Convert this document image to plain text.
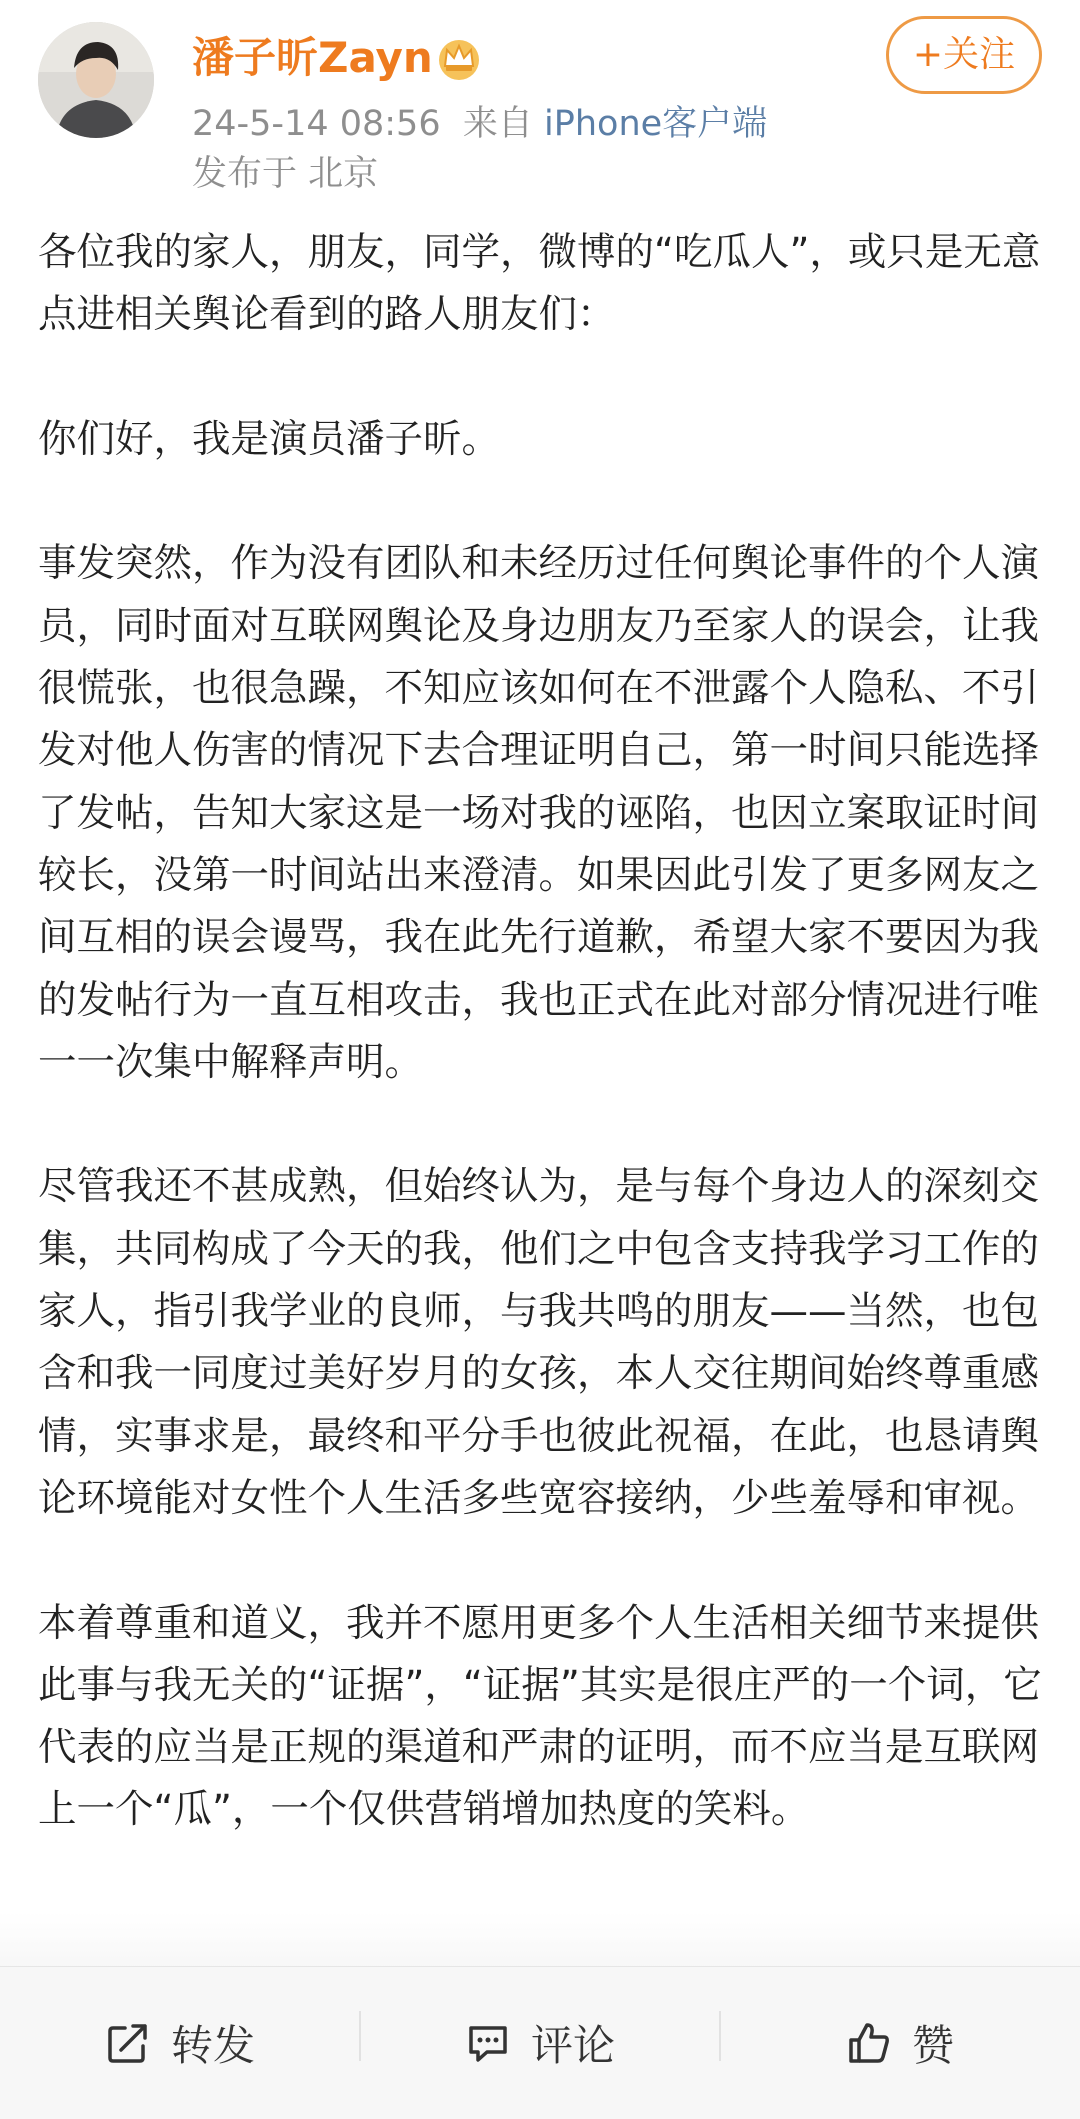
潘子昕Zayn
24-5-14 08:56 来自 iPhone客户端
发布于 北京
+关注

各位我的家人，朋友，同学，微博的“吃瓜人”，或只是无意点进相关舆论看到的路人朋友们：

你们好，我是演员潘子昕。

事发突然，作为没有团队和未经历过任何舆论事件的个人演员，同时面对互联网舆论及身边朋友乃至家人的误会，让我很慌张，也很急躁，不知应该如何在不泄露个人隐私、不引发对他人伤害的情况下去合理证明自己，第一时间只能选择了发帖，告知大家这是一场对我的诬陷，也因立案取证时间较长，没第一时间站出来澄清。如果因此引发了更多网友之间互相的误会谩骂，我在此先行道歉，希望大家不要因为我的发帖行为一直互相攻击，我也正式在此对部分情况进行唯一一次集中解释声明。

尽管我还不甚成熟，但始终认为，是与每个身边人的深刻交集，共同构成了今天的我，他们之中包含支持我学习工作的家人，指引我学业的良师，与我共鸣的朋友——当然，也包含和我一同度过美好岁月的女孩，本人交往期间始终尊重感情，实事求是，最终和平分手也彼此祝福，在此，也恳请舆论环境能对女性个人生活多些宽容接纳，少些羞辱和审视。

本着尊重和道义，我并不愿用更多个人生活相关细节来提供此事与我无关的“证据”，“证据”其实是很庄严的一个词，它代表的应当是正规的渠道和严肃的证明，而不应当是互联网上一个“瓜”，一个仅供营销增加热度的笑料。

转发	评论	赞
